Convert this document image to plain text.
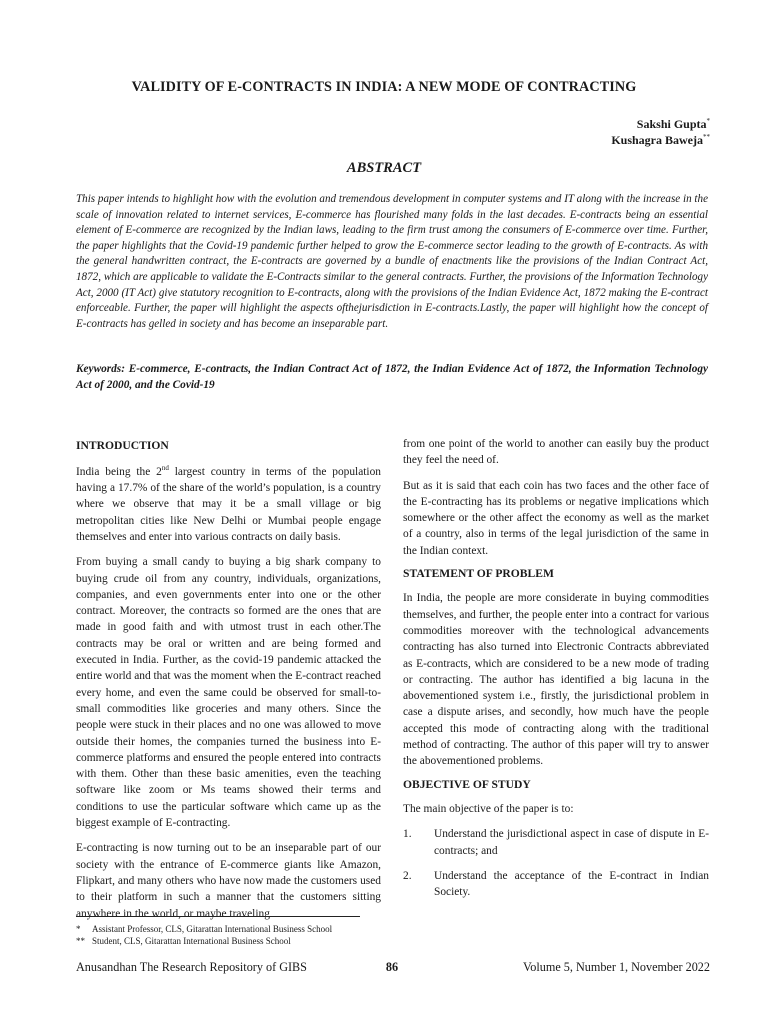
VALIDITY OF E-CONTRACTS IN INDIA: A NEW MODE OF CONTRACTING
Sakshi Gupta*
Kushagra Baweja**
ABSTRACT
This paper intends to highlight how with the evolution and tremendous development in computer systems and IT along with the increase in the scale of innovation related to internet services, E-commerce has flourished many folds in the last decades. E-contracts being an essential element of E-commerce are recognized by the Indian laws, leading to the firm trust among the consumers of E-commerce over time. Further, the paper highlights that the Covid-19 pandemic further helped to grow the E-commerce sector leading to the growth of E-contracts. As with the general handwritten contract, the E-contracts are governed by a bundle of enactments like the provisions of the Indian Contract Act, 1872, which are applicable to validate the E-Contracts similar to the general contracts. Further, the provisions of the Information Technology Act, 2000 (IT Act) give statutory recognition to E-contracts, along with the provisions of the Indian Evidence Act, 1872 making the E-contract enforceable. Further, the paper will highlight the aspects ofthejurisdiction in E-contracts.Lastly, the paper will highlight how the concept of E-contracts has gelled in society and has become an inseparable part.
Keywords: E-commerce, E-contracts, the Indian Contract Act of 1872, the Indian Evidence Act of 1872, the Information Technology Act of 2000, and the Covid-19
INTRODUCTION

India being the 2nd largest country in terms of the population having a 17.7% of the share of the world’s population, is a country where we observe that may it be a small village or big metropolitan cities like New Delhi or Mumbai people engage themselves and enter into various contracts on daily basis.

From buying a small candy to buying a big shark company to buying crude oil from any country, individuals, organizations, companies, and even governments enter into one or the other contract. Moreover, the contracts so formed are the ones that are made in good faith and with utmost trust in each other.The contracts may be oral or written and are being formed and executed in India. Further, as the covid-19 pandemic attacked the entire world and that was the moment when the E-contract reached every home, and even the same could be observed for small-to-small commodities like groceries and many others. Since the people were stuck in their places and no one was allowed to move outside their homes, the companies turned the business into E-commerce platforms and ensured the people entered into contracts with them. Other than these basic amenities, even the teaching software like zoom or Ms teams showed their terms and conditions to use the particular software which came up as the biggest example of E-contracting.

E-contracting is now turning out to be an inseparable part of our society with the entrance of E-commerce giants like Amazon, Flipkart, and many others who have now made the customers used to their platform in such a manner that the customers sitting anywhere in the world, or maybe traveling

from one point of the world to another can easily buy the product they feel the need of.

But as it is said that each coin has two faces and the other face of the E-contracting has its problems or negative implications which somewhere or the other affect the economy as well as the market of a country, also in terms of the legal jurisdiction of the same in the Indian context.

STATEMENT OF PROBLEM

In India, the people are more considerate in buying commodities themselves, and further, the people enter into a contract for various commodities moreover with the technological advancements contracting has also turned into Electronic Contracts abbreviated as E-contracts, which are considered to be a new mode of trading or contracting. The author has identified a big lacuna in the abovementioned system i.e., firstly, the jurisdictional problem in case a dispute arises, and secondly, how much have the people accepted this mode of contracting along with the traditional method of contracting. The author of this paper will try to answer the abovementioned problems.

OBJECTIVE OF STUDY

The main objective of the paper is to:

1. Understand the jurisdictional aspect in case of dispute in E-contracts; and
2. Understand the acceptance of the E-contract in Indian Society.
* Assistant Professor, CLS, Gitarattan International Business School
** Student, CLS, Gitarattan International Business School
Anusandhan The Research Repository of GIBS	86	Volume 5, Number 1, November 2022
